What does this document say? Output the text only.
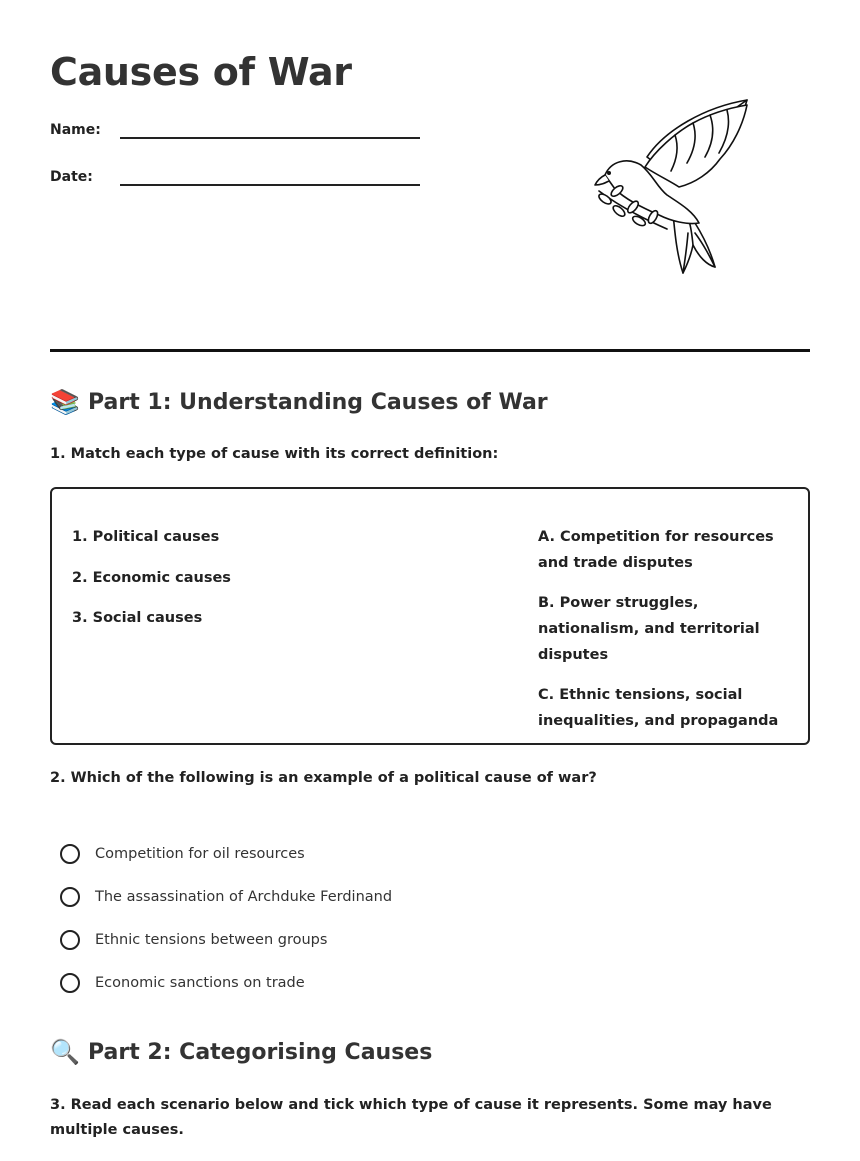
Causes of War
Name:
Date:
📚 Part 1: Understanding Causes of War

1. Match each type of cause with its correct definition:

1. Political causes
2. Economic causes
3. Social causes
A. Competition for resources and trade disputes
B. Power struggles, nationalism, and territorial disputes
C. Ethnic tensions, social inequalities, and propaganda

2. Which of the following is an example of a political cause of war?

Competition for oil resources
The assassination of Archduke Ferdinand
Ethnic tensions between groups
Economic sanctions on trade
🔍 Part 2: Categorising Causes

3. Read each scenario below and tick which type of cause it represents. Some may have multiple causes.
